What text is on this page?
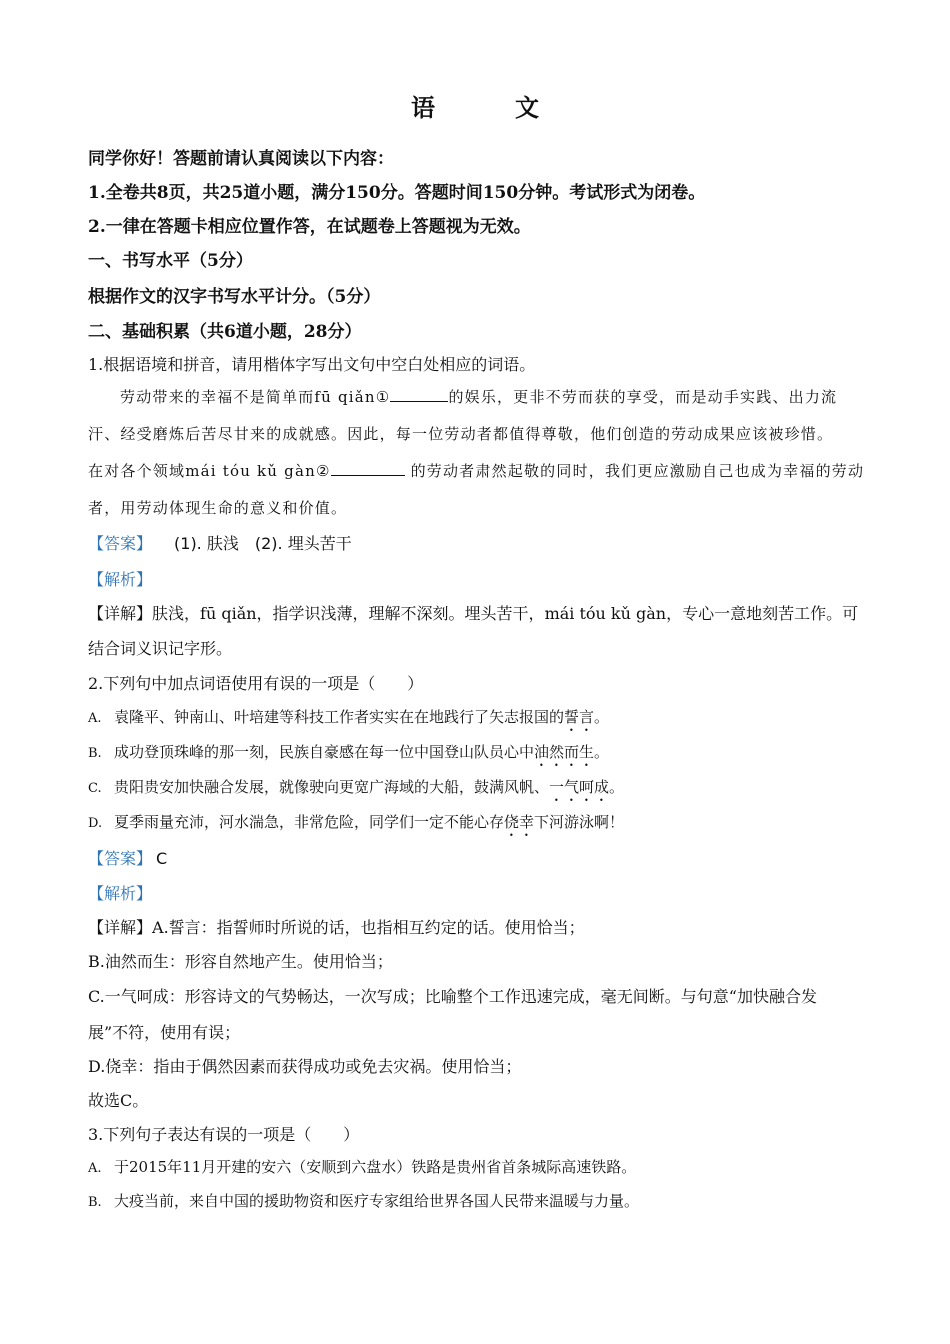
语　文
同学你好！答题前请认真阅读以下内容：
1.全卷共8页，共25道小题，满分150分。答题时间150分钟。考试形式为闭卷。
2.一律在答题卡相应位置作答，在试题卷上答题视为无效。
一、书写水平（5分）
根据作文的汉字书写水平计分。（5分）
二、基础积累（共6道小题，28分）
1.根据语境和拼音，请用楷体字写出文句中空白处相应的词语。
劳动带来的幸福不是简单而fū qiǎn①	的娱乐，更非不劳而获的享受，而是动手实践、出力流
汗、经受磨炼后苦尽甘来的成就感。因此，每一位劳动者都值得尊敬，他们创造的劳动成果应该被珍惜。
在对各个领域mái tóu kǔ gàn②	的劳动者肃然起敬的同时，我们更应激励自己也成为幸福的劳动
者，用劳动体现生命的意义和价值。
【答案】 (1). 肤浅　(2). 埋头苦干
【解析】
【详解】肤浅，fū qiǎn，指学识浅薄，理解不深刻。埋头苦干，mái tóu kǔ gàn，专心一意地刻苦工作。可
结合词义识记字形。
2.下列句中加点词语使用有误的一项是（　　）
A. 袁隆平、钟南山、叶培建等科技工作者实实在在地践行了矢志报国的誓言。
B. 成功登顶珠峰的那一刻，民族自豪感在每一位中国登山队员心中油然而生。
C. 贵阳贵安加快融合发展，就像驶向更宽广海域的大船，鼓满风帆、一气呵成。
D. 夏季雨量充沛，河水湍急，非常危险，同学们一定不能心存侥幸下河游泳啊！
【答案】 C
【解析】
【详解】A.誓言：指誓师时所说的话，也指相互约定的话。使用恰当；
B.油然而生：形容自然地产生。使用恰当；
C.一气呵成：形容诗文的气势畅达，一次写成；比喻整个工作迅速完成，毫无间断。与句意“加快融合发
展”不符，使用有误；
D.侥幸：指由于偶然因素而获得成功或免去灾祸。使用恰当；
故选C。
3.下列句子表达有误的一项是（　　）
A. 于2015年11月开建的安六（安顺到六盘水）铁路是贵州省首条城际高速铁路。
B. 大疫当前，来自中国的援助物资和医疗专家组给世界各国人民带来温暖与力量。
